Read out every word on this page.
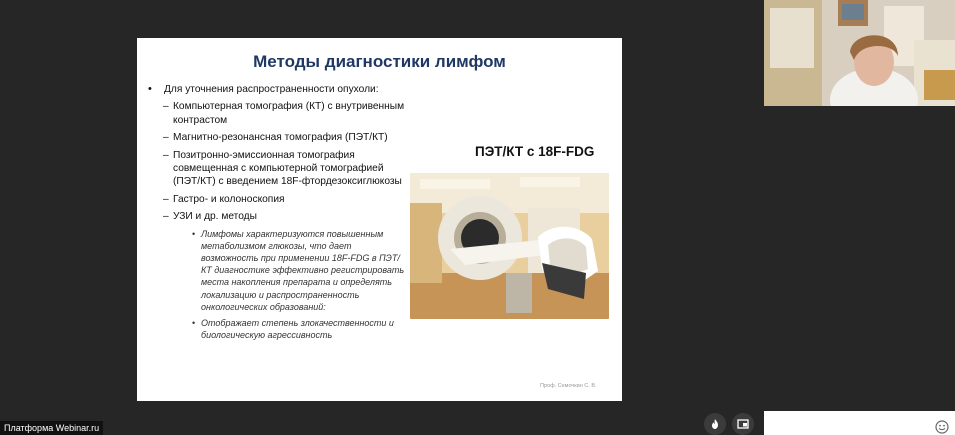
Методы диагностики лимфом
• Для уточнения распространенности опухоли:
– Компьютерная томография (КТ) с внутривенным контрастом
– Магнитно-резонансная томография (ПЭТ/КТ)
– Позитронно-эмиссионная томография совмещенная с компьютерной томографией (ПЭТ/КТ) с введением 18F-фтордезоксиглюкозы
– Гастро- и колоноскопия
– УЗИ и др. методы
• Лимфомы характеризуются повышенным метаболизмом глюкозы, что дает возможность при применении 18F-FDG в ПЭТ/КТ диагностике эффективно регистрировать места накопления препарата и определять локализацию и распространенность онкологических образований:
• Отображает степень злокачественности и биологическую агрессивность
ПЭТ/КТ с 18F-FDG
Проф. Семочкин С. В.
Платформа Webinar.ru
